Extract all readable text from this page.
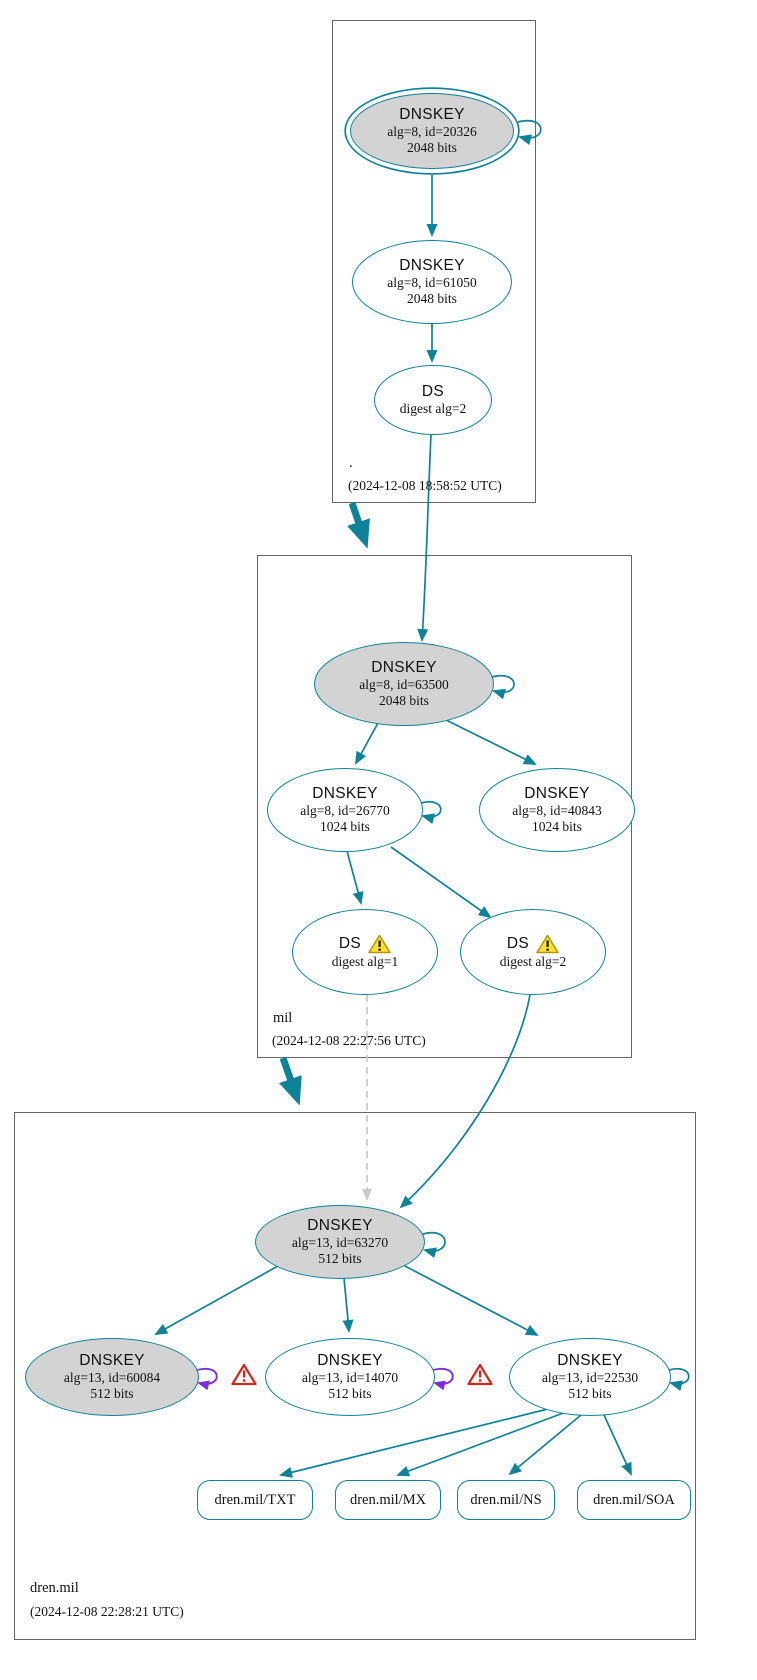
DNSKEY
alg=8, id=20326
2048 bits
DNSKEY
alg=8, id=61050
2048 bits
DS
digest alg=2
.
(2024-12-08 18:58:52 UTC)
DNSKEY
alg=8, id=63500
2048 bits
DNSKEY
alg=8, id=26770
1024 bits
DNSKEY
alg=8, id=40843
1024 bits
DS
digest alg=1
DS
digest alg=2
mil
(2024-12-08 22:27:56 UTC)
DNSKEY
alg=13, id=63270
512 bits
DNSKEY
alg=13, id=60084
512 bits
DNSKEY
alg=13, id=14070
512 bits
DNSKEY
alg=13, id=22530
512 bits
dren.mil/TXT	dren.mil/MX	dren.mil/NS	dren.mil/SOA
dren.mil
(2024-12-08 22:28:21 UTC)
